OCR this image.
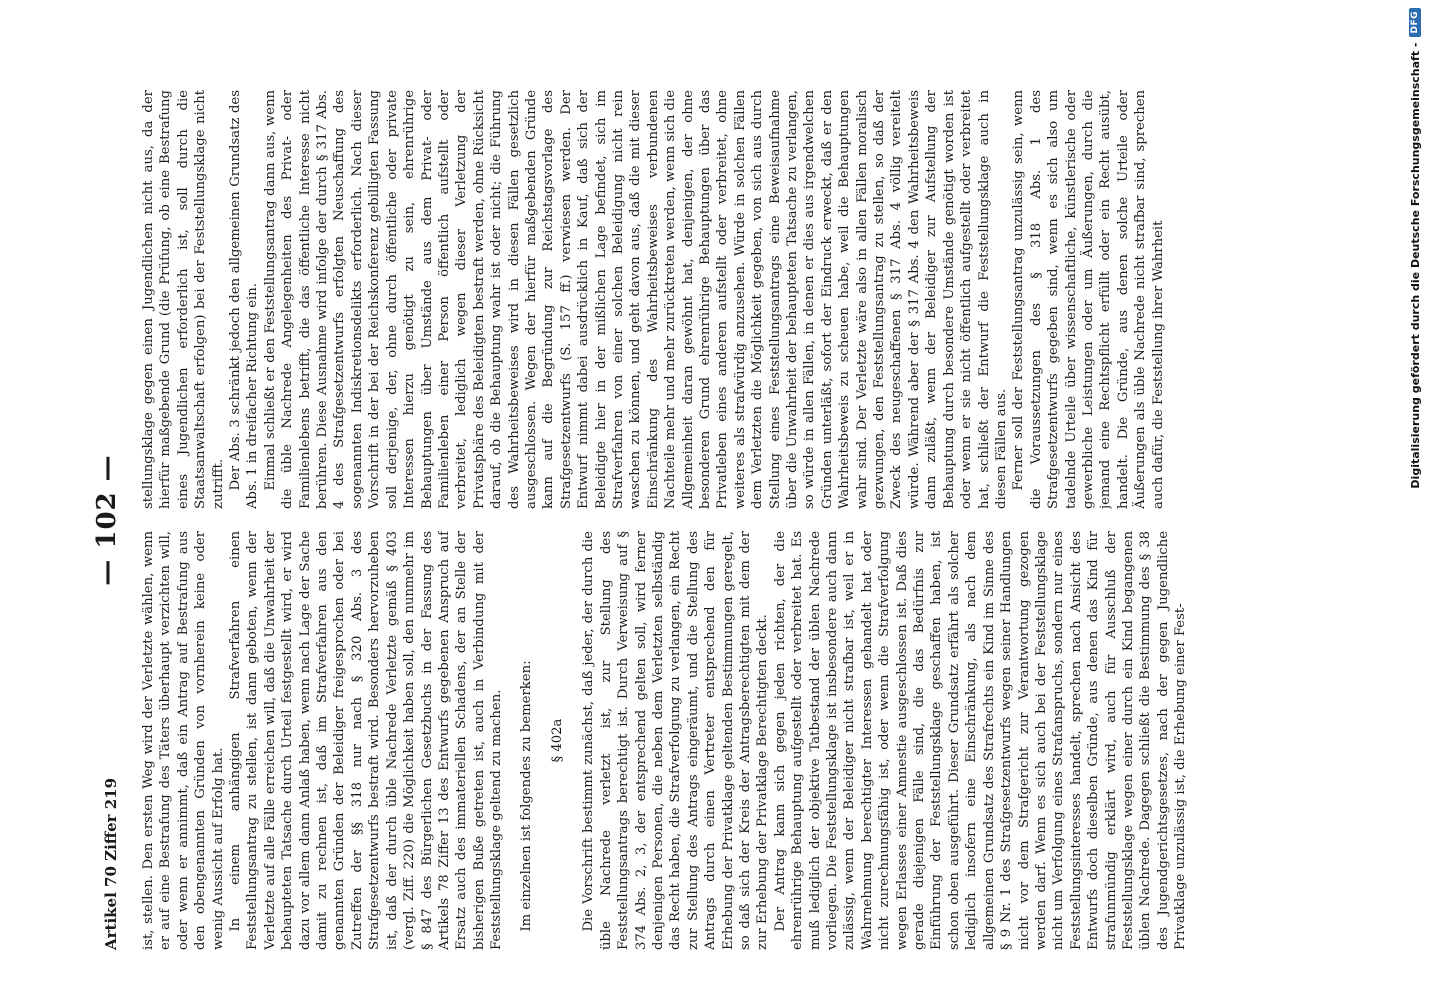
Artikel 70 Ziffer 219
— 102 —

ist, stellen. Den ersten Weg wird der Verletzte wählen, wenn er auf eine Bestrafung des Täters überhaupt verzichten will, oder wenn er annimmt, daß ein Antrag auf Bestrafung aus den obengenannten Gründen von vornherein keine oder wenig Aussicht auf Erfolg hat. In einem anhängigen Strafverfahren einen Feststellungsantrag zu stellen, ist dann geboten, wenn der Verletzte auf alle Fälle erreichen will, daß die Unwahrheit der behaupteten Tatsache durch Urteil festgestellt wird, er wird dazu vor allem dann Anlaß haben, wenn nach Lage der Sache damit zu rechnen ist, daß im Strafverfahren aus den genannten Gründen der Beleidiger freigesprochen oder bei Zutreffen der §§ 318 nur nach § 320 Abs. 3 des Strafgesetzentwurfs bestraft wird. Besonders hervorzuheben ist, daß der durch üble Nachrede Verletzte gemäß § 403 (vergl. Ziff. 220) die Möglichkeit haben soll, den nunmehr im § 847 des Bürgerlichen Gesetzbuchs in der Fassung des Artikels 78 Ziffer 13 des Entwurfs gegebenen Anspruch auf Ersatz auch des immateriellen Schadens, der an Stelle der bisherigen Buße getreten ist, auch in Verbindung mit der Feststellungsklage geltend zu machen. Im einzelnen ist folgendes zu bemerken: § 402a Die Vorschrift bestimmt zunächst, daß jeder, der durch die üble Nachrede verletzt ist, zur Stellung des Feststellungsantrags berechtigt ist. Durch Verweisung auf § 374 Abs. 2, 3, der entsprechend gelten soll, wird ferner denjenigen Personen, die neben dem Verletzten selbständig das Recht haben, die Strafverfolgung zu verlangen, ein Recht zur Stellung des Antrags eingeräumt, und die Stellung des Antrags durch einen Vertreter entsprechend den für Erhebung der Privatklage geltenden Bestimmungen geregelt, so daß sich der Kreis der Antragsberechtigten mit dem der zur Erhebung der Privatklage Berechtigten deckt. Der Antrag kann sich gegen jeden richten, der die ehrenrührige Behauptung aufgestellt oder verbreitet hat. Es muß lediglich der objektive Tatbestand der üblen Nachrede vorliegen. Die Feststellungsklage ist insbesondere auch dann zulässig, wenn der Beleidiger nicht strafbar ist, weil er in Wahrnehmung berechtigter Interessen gehandelt hat oder nicht zurechnungsfähig ist, oder wenn die Strafverfolgung wegen Erlasses einer Amnestie ausgeschlossen ist. Daß dies gerade diejenigen Fälle sind, die das Bedürfnis zur Einführung der Feststellungsklage geschaffen haben, ist schon oben ausgeführt. Dieser Grundsatz erfährt als solcher lediglich insofern eine Einschränkung, als nach dem allgemeinen Grundsatz des Strafrechts ein Kind im Sinne des § 9 Nr. 1 des Strafgesetzentwurfs wegen seiner Handlungen nicht vor dem Strafgericht zur Verantwortung gezogen werden darf. Wenn es sich auch bei der Feststellungsklage nicht um Verfolgung eines Strafanspruchs, sondern nur eines Feststellungsinteresses handelt, sprechen nach Ansicht des Entwurfs doch dieselben Gründe, aus denen das Kind für strafunmündig erklärt wird, auch für Ausschluß der Feststellungsklage wegen einer durch ein Kind begangenen üblen Nachrede. Dagegen schließt die Bestimmung des § 38 des Jugendgerichtsgesetzes, nach der gegen Jugendliche Privatklage unzulässig ist, die Erhebung einer Fest-

stellungsklage gegen einen Jugendlichen nicht aus, da der hierfür maßgebende Grund (die Prüfung, ob eine Bestrafung eines Jugendlichen erforderlich ist, soll durch die Staatsanwaltschaft erfolgen) bei der Feststellungsklage nicht zutrifft. Der Abs. 3 schränkt jedoch den allgemeinen Grundsatz des Abs. 1 in dreifacher Richtung ein. Einmal schließt er den Feststellungsantrag dann aus, wenn die üble Nachrede Angelegenheiten des Privat- oder Familienlebens betrifft, die das öffentliche Interesse nicht berühren. Diese Ausnahme wird infolge der durch § 317 Abs. 4 des Strafgesetzentwurfs erfolgten Neuschaffung des sogenannten Indiskretionsdelikts erforderlich. Nach dieser Vorschrift in der bei der Reichskonferenz gebilligten Fassung soll derjenige, der, ohne durch öffentliche oder private Interessen hierzu genötigt zu sein, ehrenrührige Behauptungen über Umstände aus dem Privat- oder Familienleben einer Person öffentlich aufstellt oder verbreitet, lediglich wegen dieser Verletzung der Privatsphäre des Beleidigten bestraft werden, ohne Rücksicht darauf, ob die Behauptung wahr ist oder nicht; die Führung des Wahrheitsbeweises wird in diesen Fällen gesetzlich ausgeschlossen. Wegen der hierfür maßgebenden Gründe kann auf die Begründung zur Reichstagsvorlage des Strafgesetzentwurfs (S. 157 ff.) verwiesen werden. Der Entwurf nimmt dabei ausdrücklich in Kauf, daß sich der Beleidigte hier in der mißlichen Lage befindet, sich im Strafverfahren von einer solchen Beleidigung nicht rein waschen zu können, und geht davon aus, daß die mit dieser Einschränkung des Wahrheitsbeweises verbundenen Nachteile mehr und mehr zurücktreten werden, wenn sich die Allgemeinheit daran gewöhnt hat, denjenigen, der ohne besonderen Grund ehrenrührige Behauptungen über das Privatleben eines anderen aufstellt oder verbreitet, ohne weiteres als strafwürdig anzusehen. Würde in solchen Fällen dem Verletzten die Möglichkeit gegeben, von sich aus durch Stellung eines Feststellungsantrags eine Beweisaufnahme über die Unwahrheit der behaupteten Tatsache zu verlangen, so würde in allen Fällen, in denen er dies aus irgendwelchen Gründen unterläßt, sofort der Eindruck erweckt, daß er den Wahrheitsbeweis zu scheuen habe, weil die Behauptungen wahr sind. Der Verletzte wäre also in allen Fällen moralisch gezwungen, den Feststellungsantrag zu stellen, so daß der Zweck des neugeschaffenen § 317 Abs. 4 völlig vereitelt würde. Während aber der § 317 Abs. 4 den Wahrheitsbeweis dann zuläßt, wenn der Beleidiger zur Aufstellung der Behauptung durch besondere Umstände genötigt worden ist oder wenn er sie nicht öffentlich aufgestellt oder verbreitet hat, schließt der Entwurf die Feststellungsklage auch in diesen Fällen aus. Ferner soll der Feststellungsantrag unzulässig sein, wenn die Voraussetzungen des § 318 Abs. 1 des Strafgesetzentwurfs gegeben sind, wenn es sich also um tadelnde Urteile über wissenschaftliche, künstlerische oder gewerbliche Leistungen oder um Äußerungen, durch die jemand eine Rechtspflicht erfüllt oder ein Recht ausübt, handelt. Die Gründe, aus denen solche Urteile oder Äußerungen als üble Nachrede nicht strafbar sind, sprechen auch dafür, die Feststellung ihrer Wahrheit	Digitalisierung gefördert durch die Deutsche Forschungsgemeinschaft -
DFG
